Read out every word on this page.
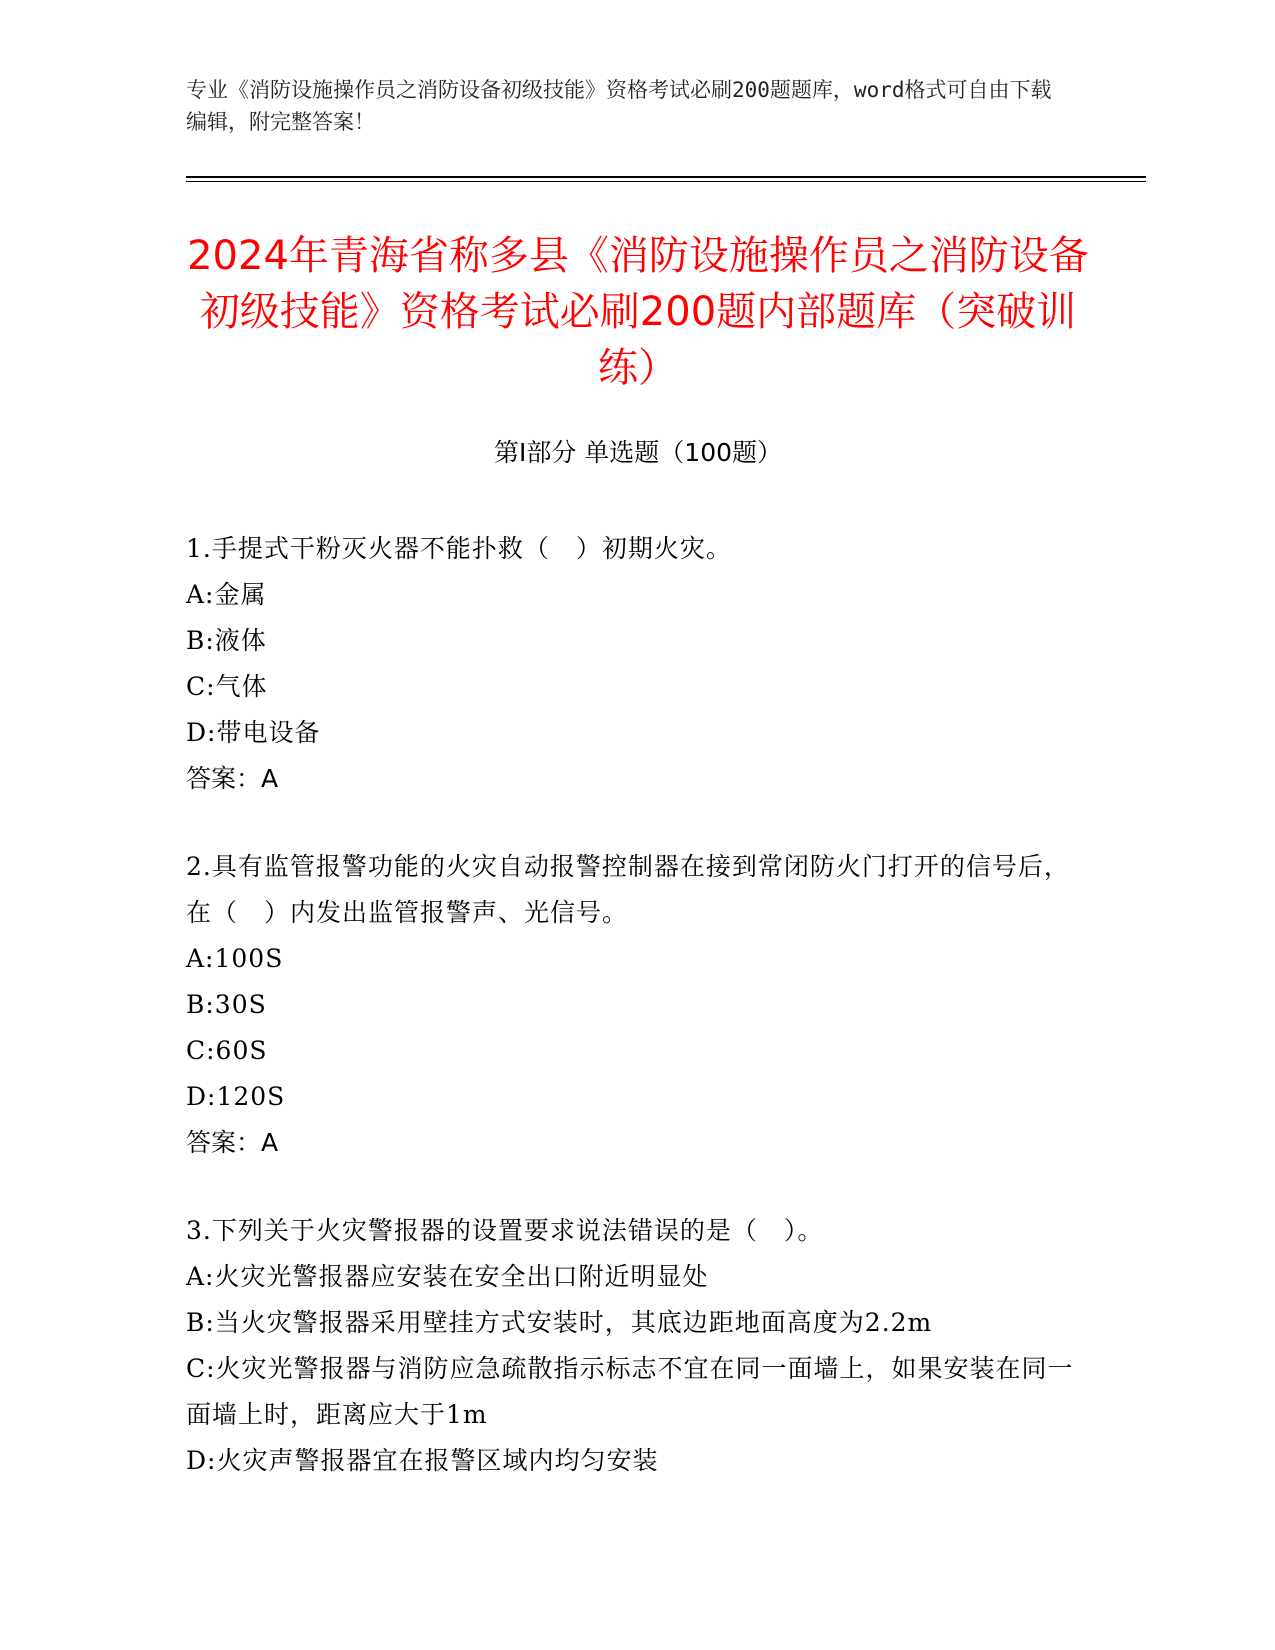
专业《消防设施操作员之消防设备初级技能》资格考试必刷200题题库，word格式可自由下载编辑，附完整答案！
2024年青海省称多县《消防设施操作员之消防设备初级技能》资格考试必刷200题内部题库（突破训练）
第Ⅰ部分 单选题（100题）
1.手提式干粉灭火器不能扑救（　）初期火灾。
A:金属
B:液体
C:气体
D:带电设备
答案：A
2.具有监管报警功能的火灾自动报警控制器在接到常闭防火门打开的信号后，在（　）内发出监管报警声、光信号。
A:100S
B:30S
C:60S
D:120S
答案：A
3.下列关于火灾警报器的设置要求说法错误的是（　）。
A:火灾光警报器应安装在安全出口附近明显处
B:当火灾警报器采用壁挂方式安装时，其底边距地面高度为2.2m
C:火灾光警报器与消防应急疏散指示标志不宜在同一面墙上，如果安装在同一面墙上时，距离应大于1m
D:火灾声警报器宜在报警区域内均匀安装
